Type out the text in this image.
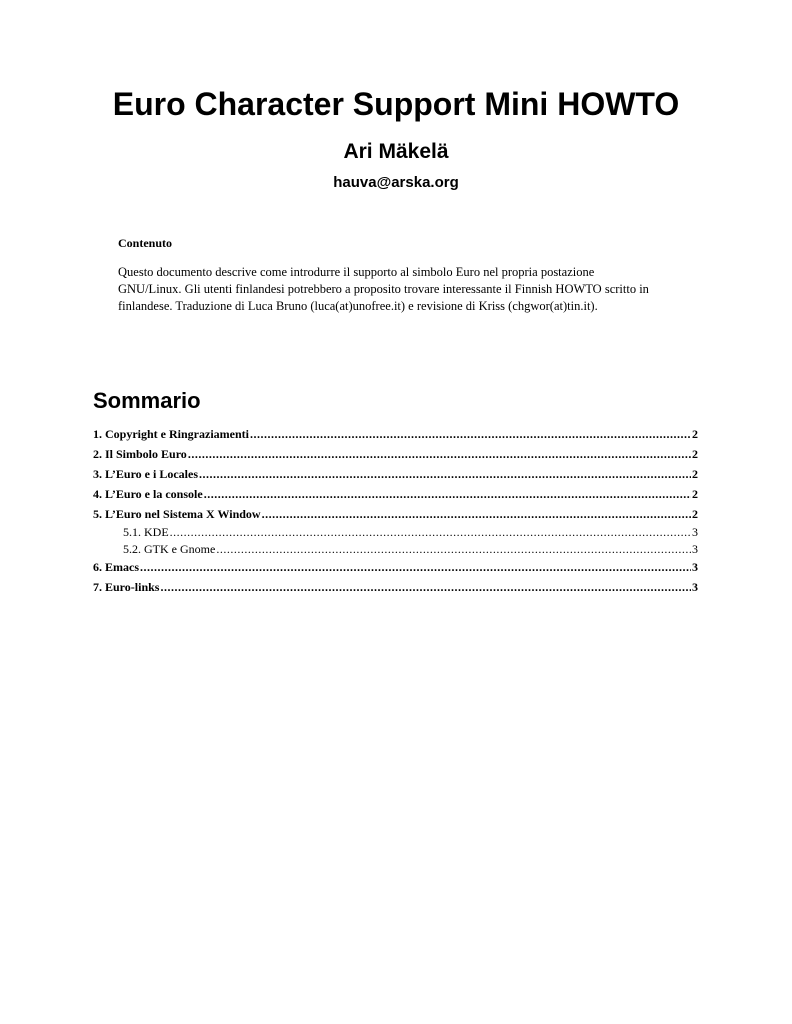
Euro Character Support Mini HOWTO
Ari Mäkelä
hauva@arska.org
Contenuto
Questo documento descrive come introdurre il supporto al simbolo Euro nel propria postazione
GNU/Linux. Gli utenti finlandesi potrebbero a proposito trovare interessante il Finnish HOWTO scritto in
finlandese. Traduzione di Luca Bruno (luca(at)unofree.it) e revisione di Kriss (chgwor(at)tin.it).
Sommario
1. Copyright e Ringraziamenti .....	2
2. Il Simbolo Euro .....	2
3. L’Euro e i Locales .....	2
4. L’Euro e la console .....	2
5. L’Euro nel Sistema X Window .....	2
5.1. KDE .....	3
5.2. GTK e Gnome .....	3
6. Emacs .....	3
7. Euro-links .....	3
